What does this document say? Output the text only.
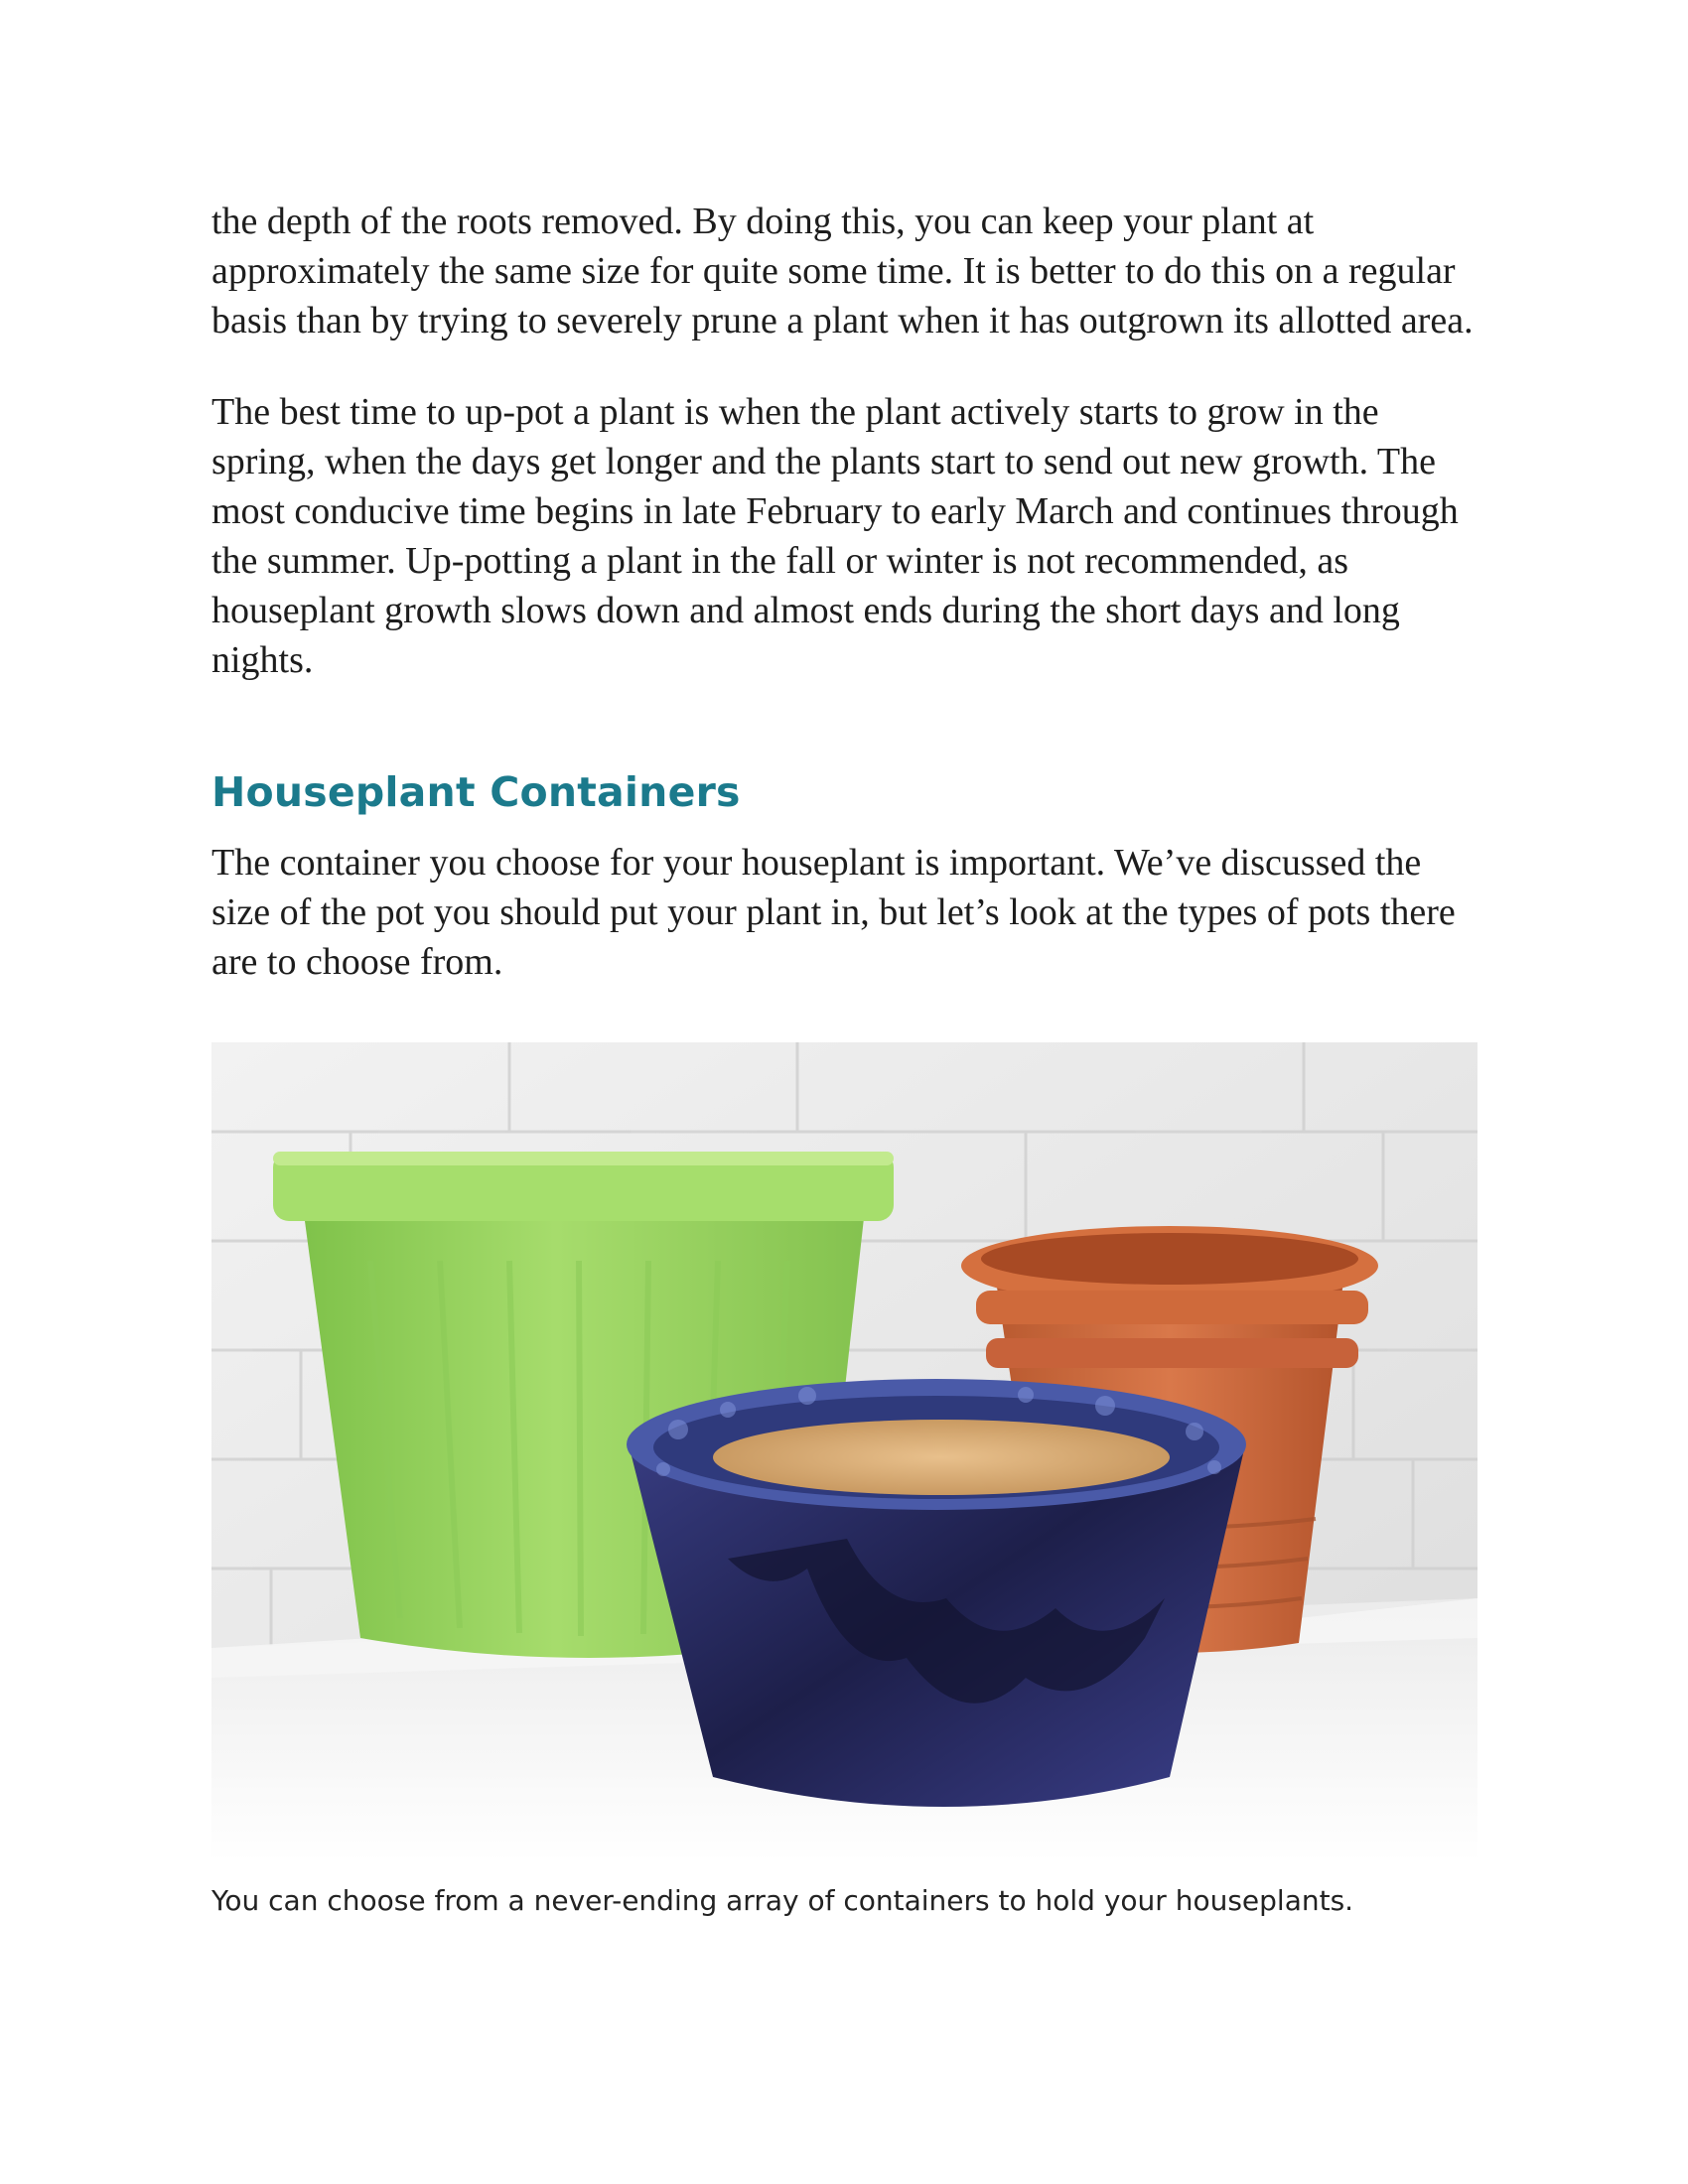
the depth of the roots removed. By doing this, you can keep your plant at approximately the same size for quite some time. It is better to do this on a regular basis than by trying to severely prune a plant when it has outgrown its allotted area.

The best time to up-pot a plant is when the plant actively starts to grow in the spring, when the days get longer and the plants start to send out new growth. The most conducive time begins in late February to early March and continues through the summer. Up-potting a plant in the fall or winter is not recommended, as houseplant growth slows down and almost ends during the short days and long nights.

Houseplant Containers

The container you choose for your houseplant is important. We’ve discussed the size of the pot you should put your plant in, but let’s look at the types of pots there are to choose from.

You can choose from a never-ending array of containers to hold your houseplants.
